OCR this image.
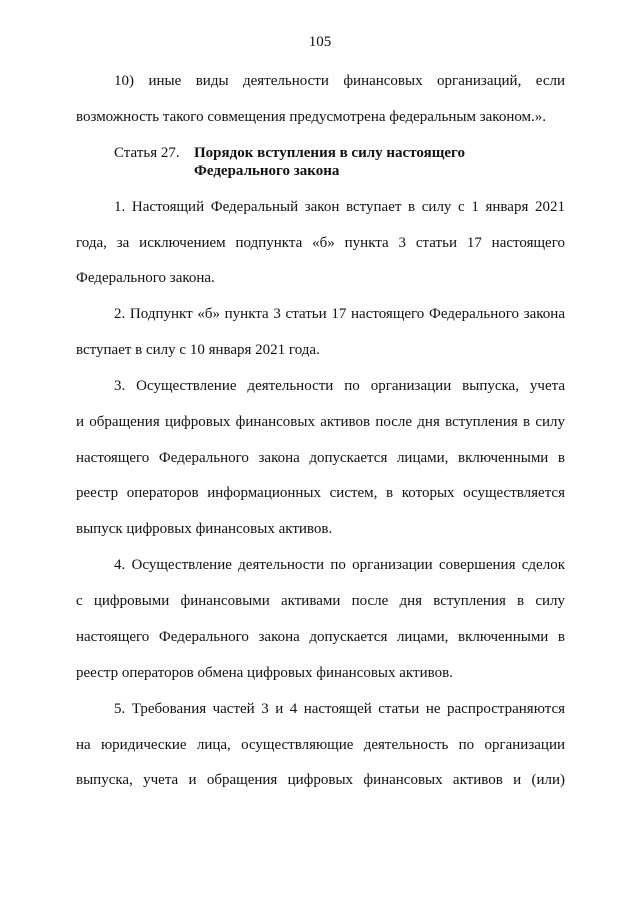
105
10) иные виды деятельности финансовых организаций, если
возможность такого совмещения предусмотрена федеральным законом.».
Статья 27. Порядок вступления в силу настоящего
Федерального закона
1. Настоящий Федеральный закон вступает в силу с 1 января 2021
года, за исключением подпункта «б» пункта 3 статьи 17 настоящего
Федерального закона.
2. Подпункт «б» пункта 3 статьи 17 настоящего Федерального закона
вступает в силу с 10 января 2021 года.
3. Осуществление деятельности по организации выпуска, учета
и обращения цифровых финансовых активов после дня вступления в силу
настоящего Федерального закона допускается лицами, включенными в
реестр операторов информационных систем, в которых осуществляется
выпуск цифровых финансовых активов.
4. Осуществление деятельности по организации совершения сделок
с цифровыми финансовыми активами после дня вступления в силу
настоящего Федерального закона допускается лицами, включенными в
реестр операторов обмена цифровых финансовых активов.
5. Требования частей 3 и 4 настоящей статьи не распространяются
на юридические лица, осуществляющие деятельность по организации
выпуска, учета и обращения цифровых финансовых активов и (или)
